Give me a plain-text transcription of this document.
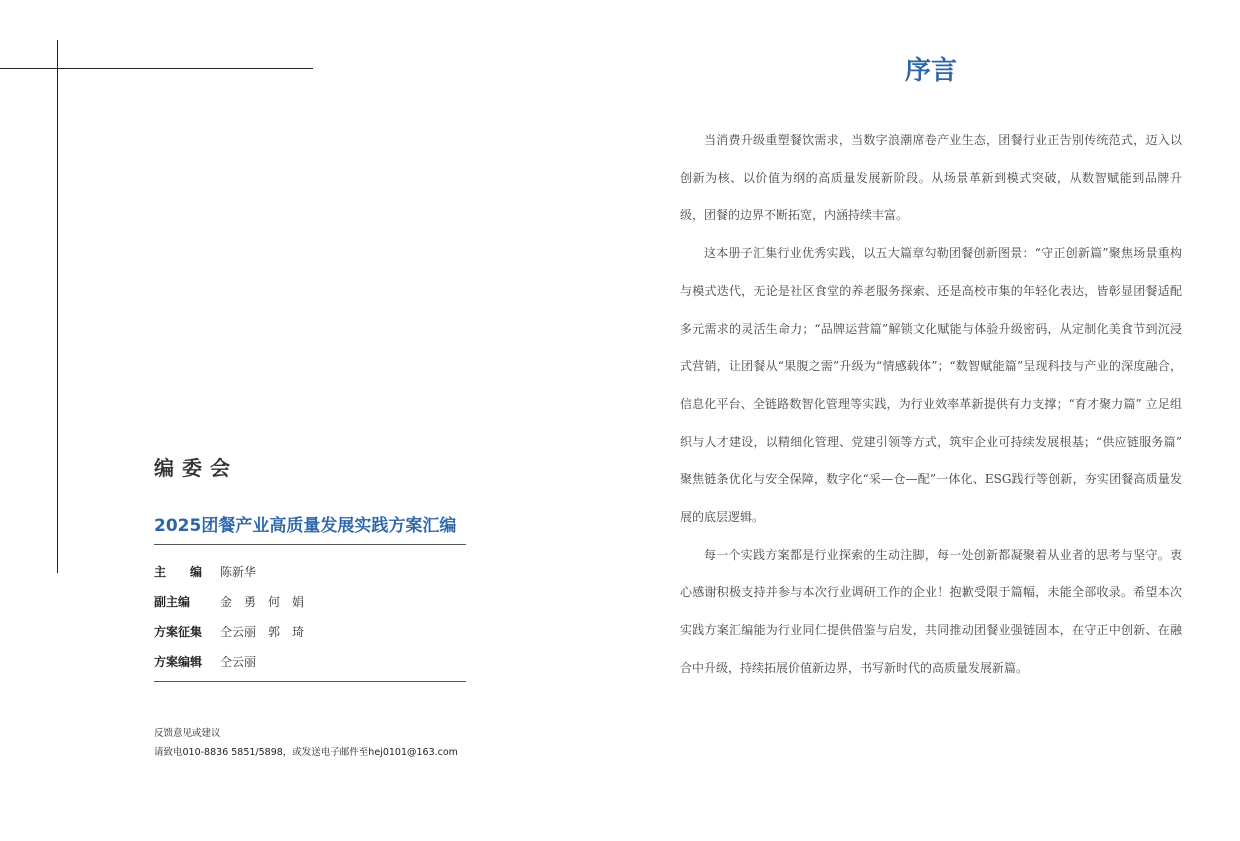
编委会
2025团餐产业高质量发展实践方案汇编
主　　编	陈新华
副主编	金　勇　何　娟
方案征集	仝云丽　郭　琦
方案编辑	仝云丽
反馈意见或建议
请致电010-8836 5851/5898，或发送电子邮件至hej0101@163.com
序言

当消费升级重塑餐饮需求，当数字浪潮席卷产业生态，团餐行业正告别传统范式，迈入以创新为核、以价值为纲的高质量发展新阶段。从场景革新到模式突破，从数智赋能到品牌升级，团餐的边界不断拓宽，内涵持续丰富。

这本册子汇集行业优秀实践，以五大篇章勾勒团餐创新图景：“守正创新篇”聚焦场景重构与模式迭代，无论是社区食堂的养老服务探索、还是高校市集的年轻化表达，皆彰显团餐适配多元需求的灵活生命力；“品牌运营篇”解锁文化赋能与体验升级密码，从定制化美食节到沉浸式营销，让团餐从“果腹之需”升级为“情感载体”；“数智赋能篇”呈现科技与产业的深度融合，信息化平台、全链路数智化管理等实践，为行业效率革新提供有力支撑；“育才聚力篇” 立足组织与人才建设，以精细化管理、党建引领等方式，筑牢企业可持续发展根基；“供应链服务篇” 聚焦链条优化与安全保障，数字化“采—仓—配”一体化、ESG践行等创新，夯实团餐高质量发展的底层逻辑。

每一个实践方案都是行业探索的生动注脚，每一处创新都凝聚着从业者的思考与坚守。衷心感谢积极支持并参与本次行业调研工作的企业！抱歉受限于篇幅，未能全部收录。希望本次实践方案汇编能为行业同仁提供借鉴与启发，共同推动团餐业强链固本，在守正中创新、在融合中升级，持续拓展价值新边界，书写新时代的高质量发展新篇。
